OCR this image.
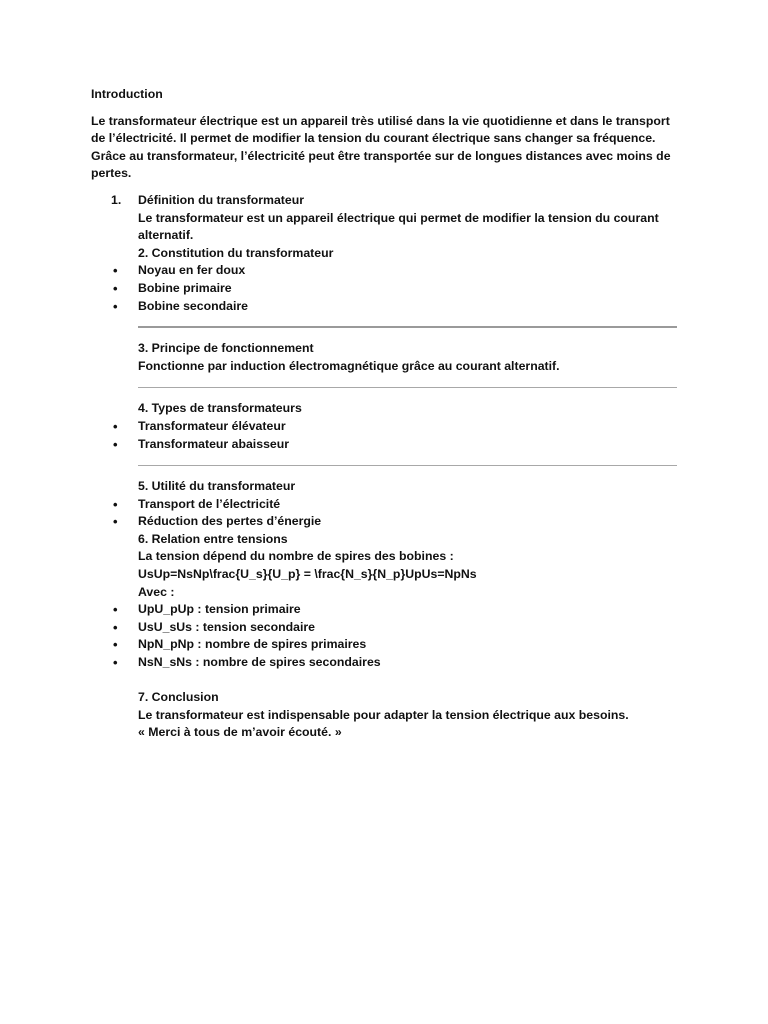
Introduction

Le transformateur électrique est un appareil très utilisé dans la vie quotidienne et dans le transport de l’électricité. Il permet de modifier la tension du courant électrique sans changer sa fréquence. Grâce au transformateur, l’électricité peut être transportée sur de longues distances avec moins de pertes.

1.	Définition du transformateur
Le transformateur est un appareil électrique qui permet de modifier la tension du courant alternatif.
2. Constitution du transformateur
• Noyau en fer doux
• Bobine primaire
• Bobine secondaire
3. Principe de fonctionnement
Fonctionne par induction électromagnétique grâce au courant alternatif.
4. Types de transformateurs
• Transformateur élévateur
• Transformateur abaisseur
5. Utilité du transformateur
• Transport de l’électricité
• Réduction des pertes d’énergie
6. Relation entre tensions
La tension dépend du nombre de spires des bobines :
UsUp=NsNp\frac{U_s}{U_p} = \frac{N_s}{N_p}UpUs=NpNs
Avec :
• UpU_pUp : tension primaire
• UsU_sUs : tension secondaire
• NpN_pNp : nombre de spires primaires
• NsN_sNs : nombre de spires secondaires
7. Conclusion
Le transformateur est indispensable pour adapter la tension électrique aux besoins.
« Merci à tous de m’avoir écouté. »
